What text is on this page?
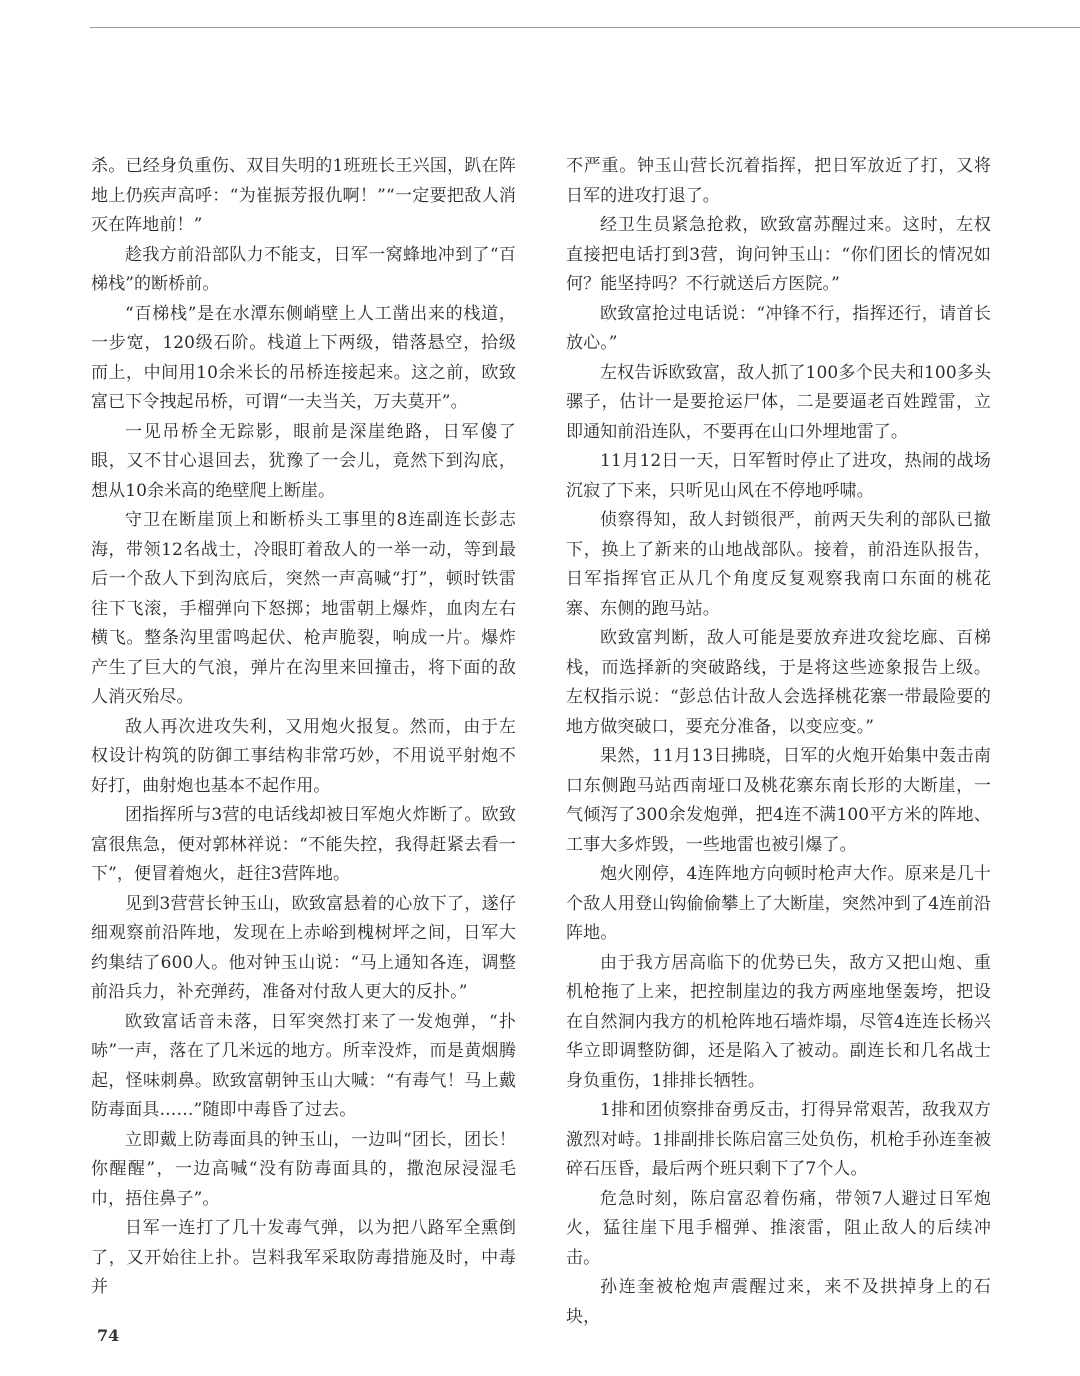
杀。已经身负重伤、双目失明的1班班长王兴国，趴在阵地上仍疾声高呼：“为崔振芳报仇啊！”“一定要把敌人消灭在阵地前！”

趁我方前沿部队力不能支，日军一窝蜂地冲到了“百梯栈”的断桥前。

“百梯栈”是在水潭东侧峭壁上人工凿出来的栈道，一步宽，120级石阶。栈道上下两级，错落悬空，拾级而上，中间用10余米长的吊桥连接起来。这之前，欧致富已下令拽起吊桥，可谓“一夫当关，万夫莫开”。

一见吊桥全无踪影，眼前是深崖绝路，日军傻了眼，又不甘心退回去，犹豫了一会儿，竟然下到沟底，想从10余米高的绝壁爬上断崖。

守卫在断崖顶上和断桥头工事里的8连副连长彭志海，带领12名战士，冷眼盯着敌人的一举一动，等到最后一个敌人下到沟底后，突然一声高喊“打”，顿时铁雷往下飞滚，手榴弹向下怒掷；地雷朝上爆炸，血肉左右横飞。整条沟里雷鸣起伏、枪声脆裂，响成一片。爆炸产生了巨大的气浪，弹片在沟里来回撞击，将下面的敌人消灭殆尽。

敌人再次进攻失利，又用炮火报复。然而，由于左权设计构筑的防御工事结构非常巧妙，不用说平射炮不好打，曲射炮也基本不起作用。

团指挥所与3营的电话线却被日军炮火炸断了。欧致富很焦急，便对郭林祥说：“不能失控，我得赶紧去看一下”，便冒着炮火，赶往3营阵地。

见到3营营长钟玉山，欧致富悬着的心放下了，遂仔细观察前沿阵地，发现在上赤峪到槐树坪之间，日军大约集结了600人。他对钟玉山说：“马上通知各连，调整前沿兵力，补充弹药，准备对付敌人更大的反扑。”

欧致富话音未落，日军突然打来了一发炮弹，“扑哧”一声，落在了几米远的地方。所幸没炸，而是黄烟腾起，怪味刺鼻。欧致富朝钟玉山大喊：“有毒气！马上戴防毒面具……”随即中毒昏了过去。

立即戴上防毒面具的钟玉山，一边叫“团长，团长！你醒醒”，一边高喊“没有防毒面具的，撒泡尿浸湿毛巾，捂住鼻子”。

日军一连打了几十发毒气弹，以为把八路军全熏倒了，又开始往上扑。岂料我军采取防毒措施及时，中毒并

不严重。钟玉山营长沉着指挥，把日军放近了打，又将日军的进攻打退了。

经卫生员紧急抢救，欧致富苏醒过来。这时，左权直接把电话打到3营，询问钟玉山：“你们团长的情况如何？能坚持吗？不行就送后方医院。”

欧致富抢过电话说：“冲锋不行，指挥还行，请首长放心。”

左权告诉欧致富，敌人抓了100多个民夫和100多头骡子，估计一是要抢运尸体，二是要逼老百姓蹚雷，立即通知前沿连队，不要再在山口外埋地雷了。

11月12日一天，日军暂时停止了进攻，热闹的战场沉寂了下来，只听见山风在不停地呼啸。

侦察得知，敌人封锁很严，前两天失利的部队已撤下，换上了新来的山地战部队。接着，前沿连队报告，日军指挥官正从几个角度反复观察我南口东面的桃花寨、东侧的跑马站。

欧致富判断，敌人可能是要放弃进攻瓮圪廊、百梯栈，而选择新的突破路线，于是将这些迹象报告上级。左权指示说：“彭总估计敌人会选择桃花寨一带最险要的地方做突破口，要充分准备，以变应变。”

果然，11月13日拂晓，日军的火炮开始集中轰击南口东侧跑马站西南垭口及桃花寨东南长形的大断崖，一气倾泻了300余发炮弹，把4连不满100平方米的阵地、工事大多炸毁，一些地雷也被引爆了。

炮火刚停，4连阵地方向顿时枪声大作。原来是几十个敌人用登山钩偷偷攀上了大断崖，突然冲到了4连前沿阵地。

由于我方居高临下的优势已失，敌方又把山炮、重机枪拖了上来，把控制崖边的我方两座地堡轰垮，把设在自然洞内我方的机枪阵地石墙炸塌，尽管4连连长杨兴华立即调整防御，还是陷入了被动。副连长和几名战士身负重伤，1排排长牺牲。

1排和团侦察排奋勇反击，打得异常艰苦，敌我双方激烈对峙。1排副排长陈启富三处负伤，机枪手孙连奎被碎石压昏，最后两个班只剩下了7个人。

危急时刻，陈启富忍着伤痛，带领7人避过日军炮火，猛往崖下甩手榴弹、推滚雷，阻止敌人的后续冲击。

孙连奎被枪炮声震醒过来，来不及拱掉身上的石块，

74
